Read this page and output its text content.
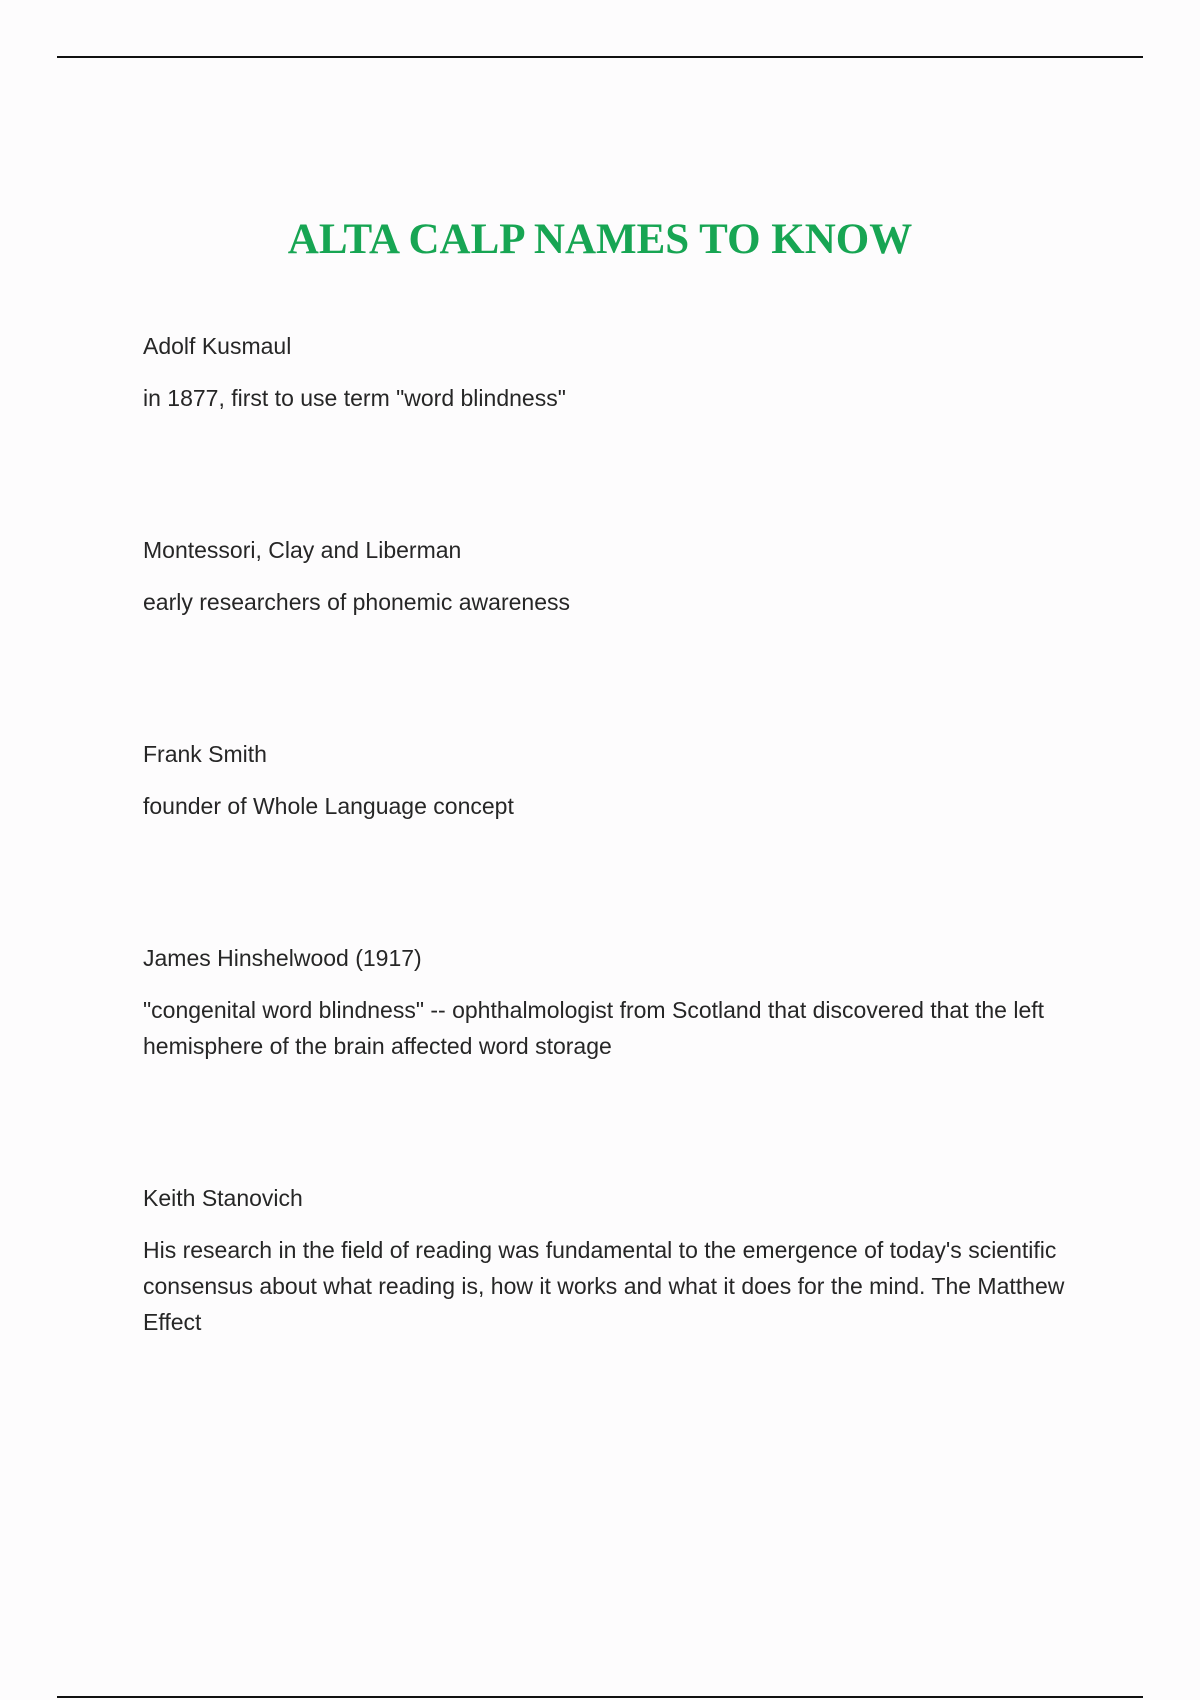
ALTA CALP NAMES TO KNOW

Adolf Kusmaul

in 1877, first to use term "word blindness"

Montessori, Clay and Liberman

early researchers of phonemic awareness

Frank Smith

founder of Whole Language concept

James Hinshelwood (1917)

"congenital word blindness" -- ophthalmologist from Scotland that discovered that the left hemisphere of the brain affected word storage

Keith Stanovich

His research in the field of reading was fundamental to the emergence of today's scientific consensus about what reading is, how it works and what it does for the mind. The Matthew Effect
